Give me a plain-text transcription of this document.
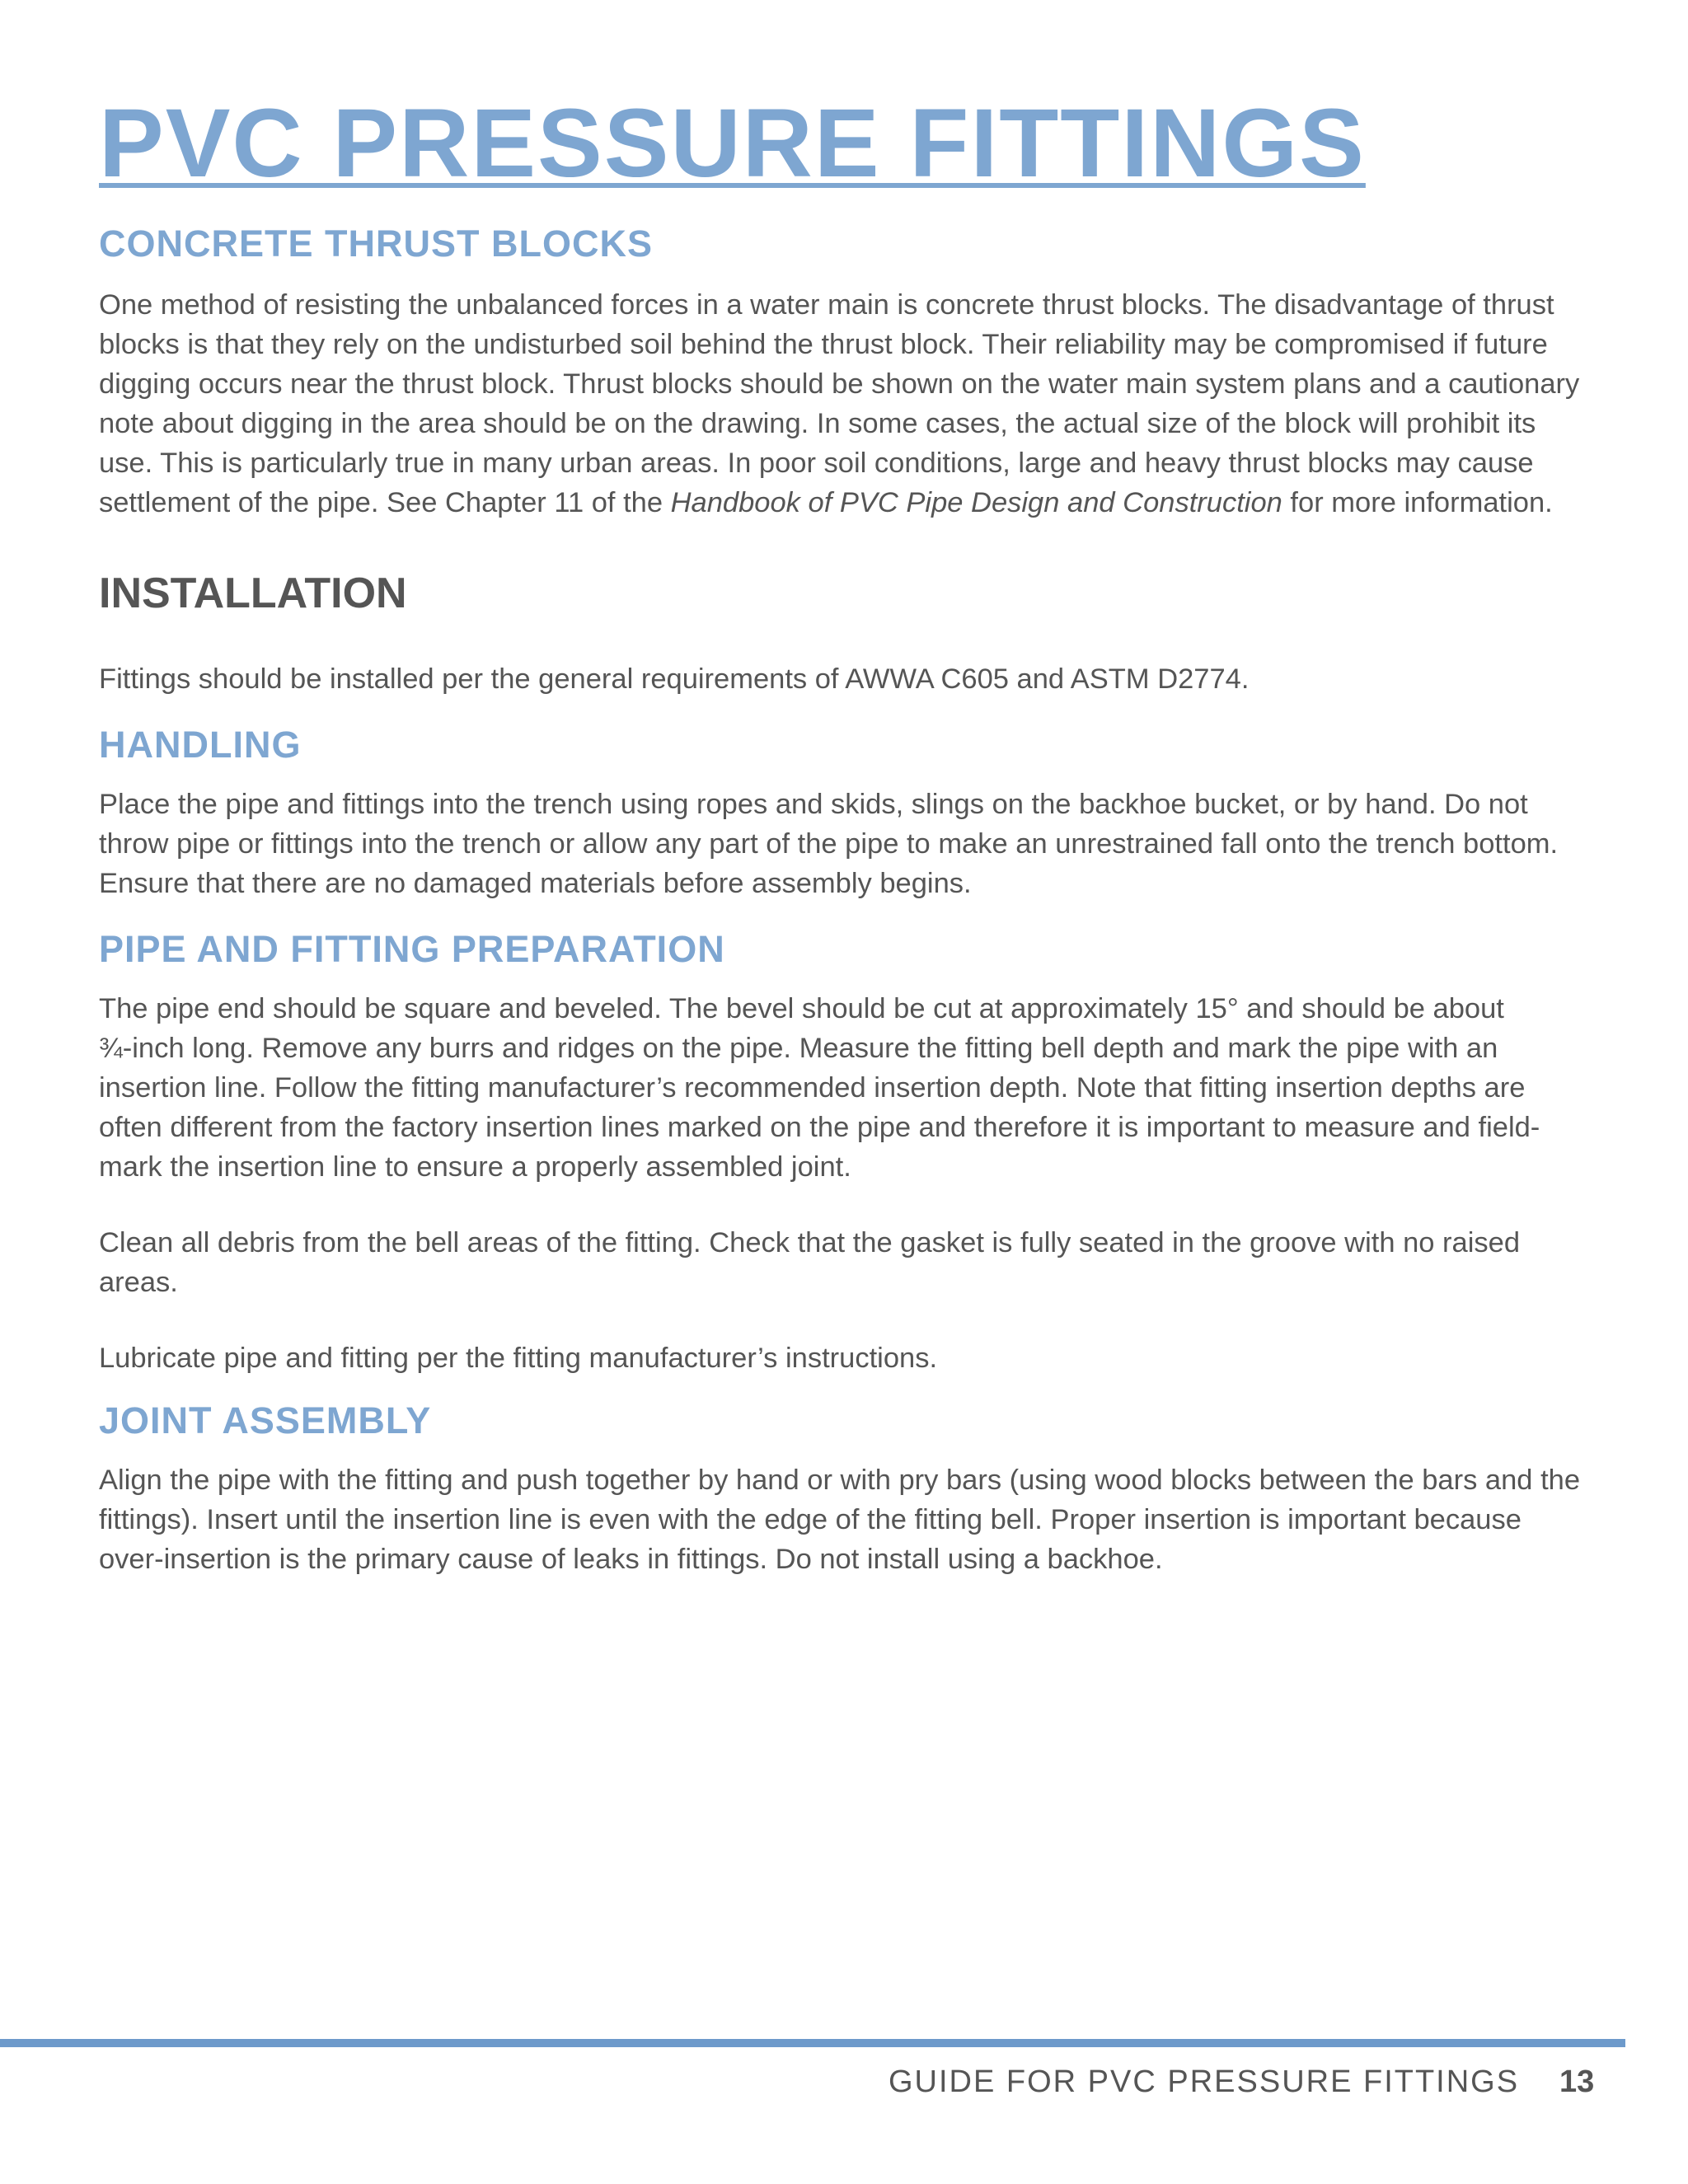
PVC PRESSURE FITTINGS
CONCRETE THRUST BLOCKS

One method of resisting the unbalanced forces in a water main is concrete thrust blocks. The disadvantage of thrust blocks is that they rely on the undisturbed soil behind the thrust block. Their reliability may be compromised if future digging occurs near the thrust block. Thrust blocks should be shown on the water main system plans and a cautionary note about digging in the area should be on the drawing. In some cases, the actual size of the block will prohibit its use. This is particularly true in many urban areas. In poor soil conditions, large and heavy thrust blocks may cause settlement of the pipe. See Chapter 11 of the Handbook of PVC Pipe Design and Construction for more information.

INSTALLATION

Fittings should be installed per the general requirements of AWWA C605 and ASTM D2774.

HANDLING

Place the pipe and fittings into the trench using ropes and skids, slings on the backhoe bucket, or by hand. Do not throw pipe or fittings into the trench or allow any part of the pipe to make an unrestrained fall onto the trench bottom. Ensure that there are no damaged materials before assembly begins.

PIPE AND FITTING PREPARATION

The pipe end should be square and beveled. The bevel should be cut at approximately 15° and should be about

¾-inch long. Remove any burrs and ridges on the pipe. Measure the fitting bell depth and mark the pipe with an insertion line. Follow the fitting manufacturer’s recommended insertion depth. Note that fitting insertion depths are often different from the factory insertion lines marked on the pipe and therefore it is important to measure and field-mark the insertion line to ensure a properly assembled joint.

Clean all debris from the bell areas of the fitting. Check that the gasket is fully seated in the groove with no raised areas.

Lubricate pipe and fitting per the fitting manufacturer’s instructions.

JOINT ASSEMBLY

Align the pipe with the fitting and push together by hand or with pry bars (using wood blocks between the bars and the fittings). Insert until the insertion line is even with the edge of the fitting bell. Proper insertion is important because over-insertion is the primary cause of leaks in fittings. Do not install using a backhoe.

GUIDE FOR PVC PRESSURE FITTINGS 13
